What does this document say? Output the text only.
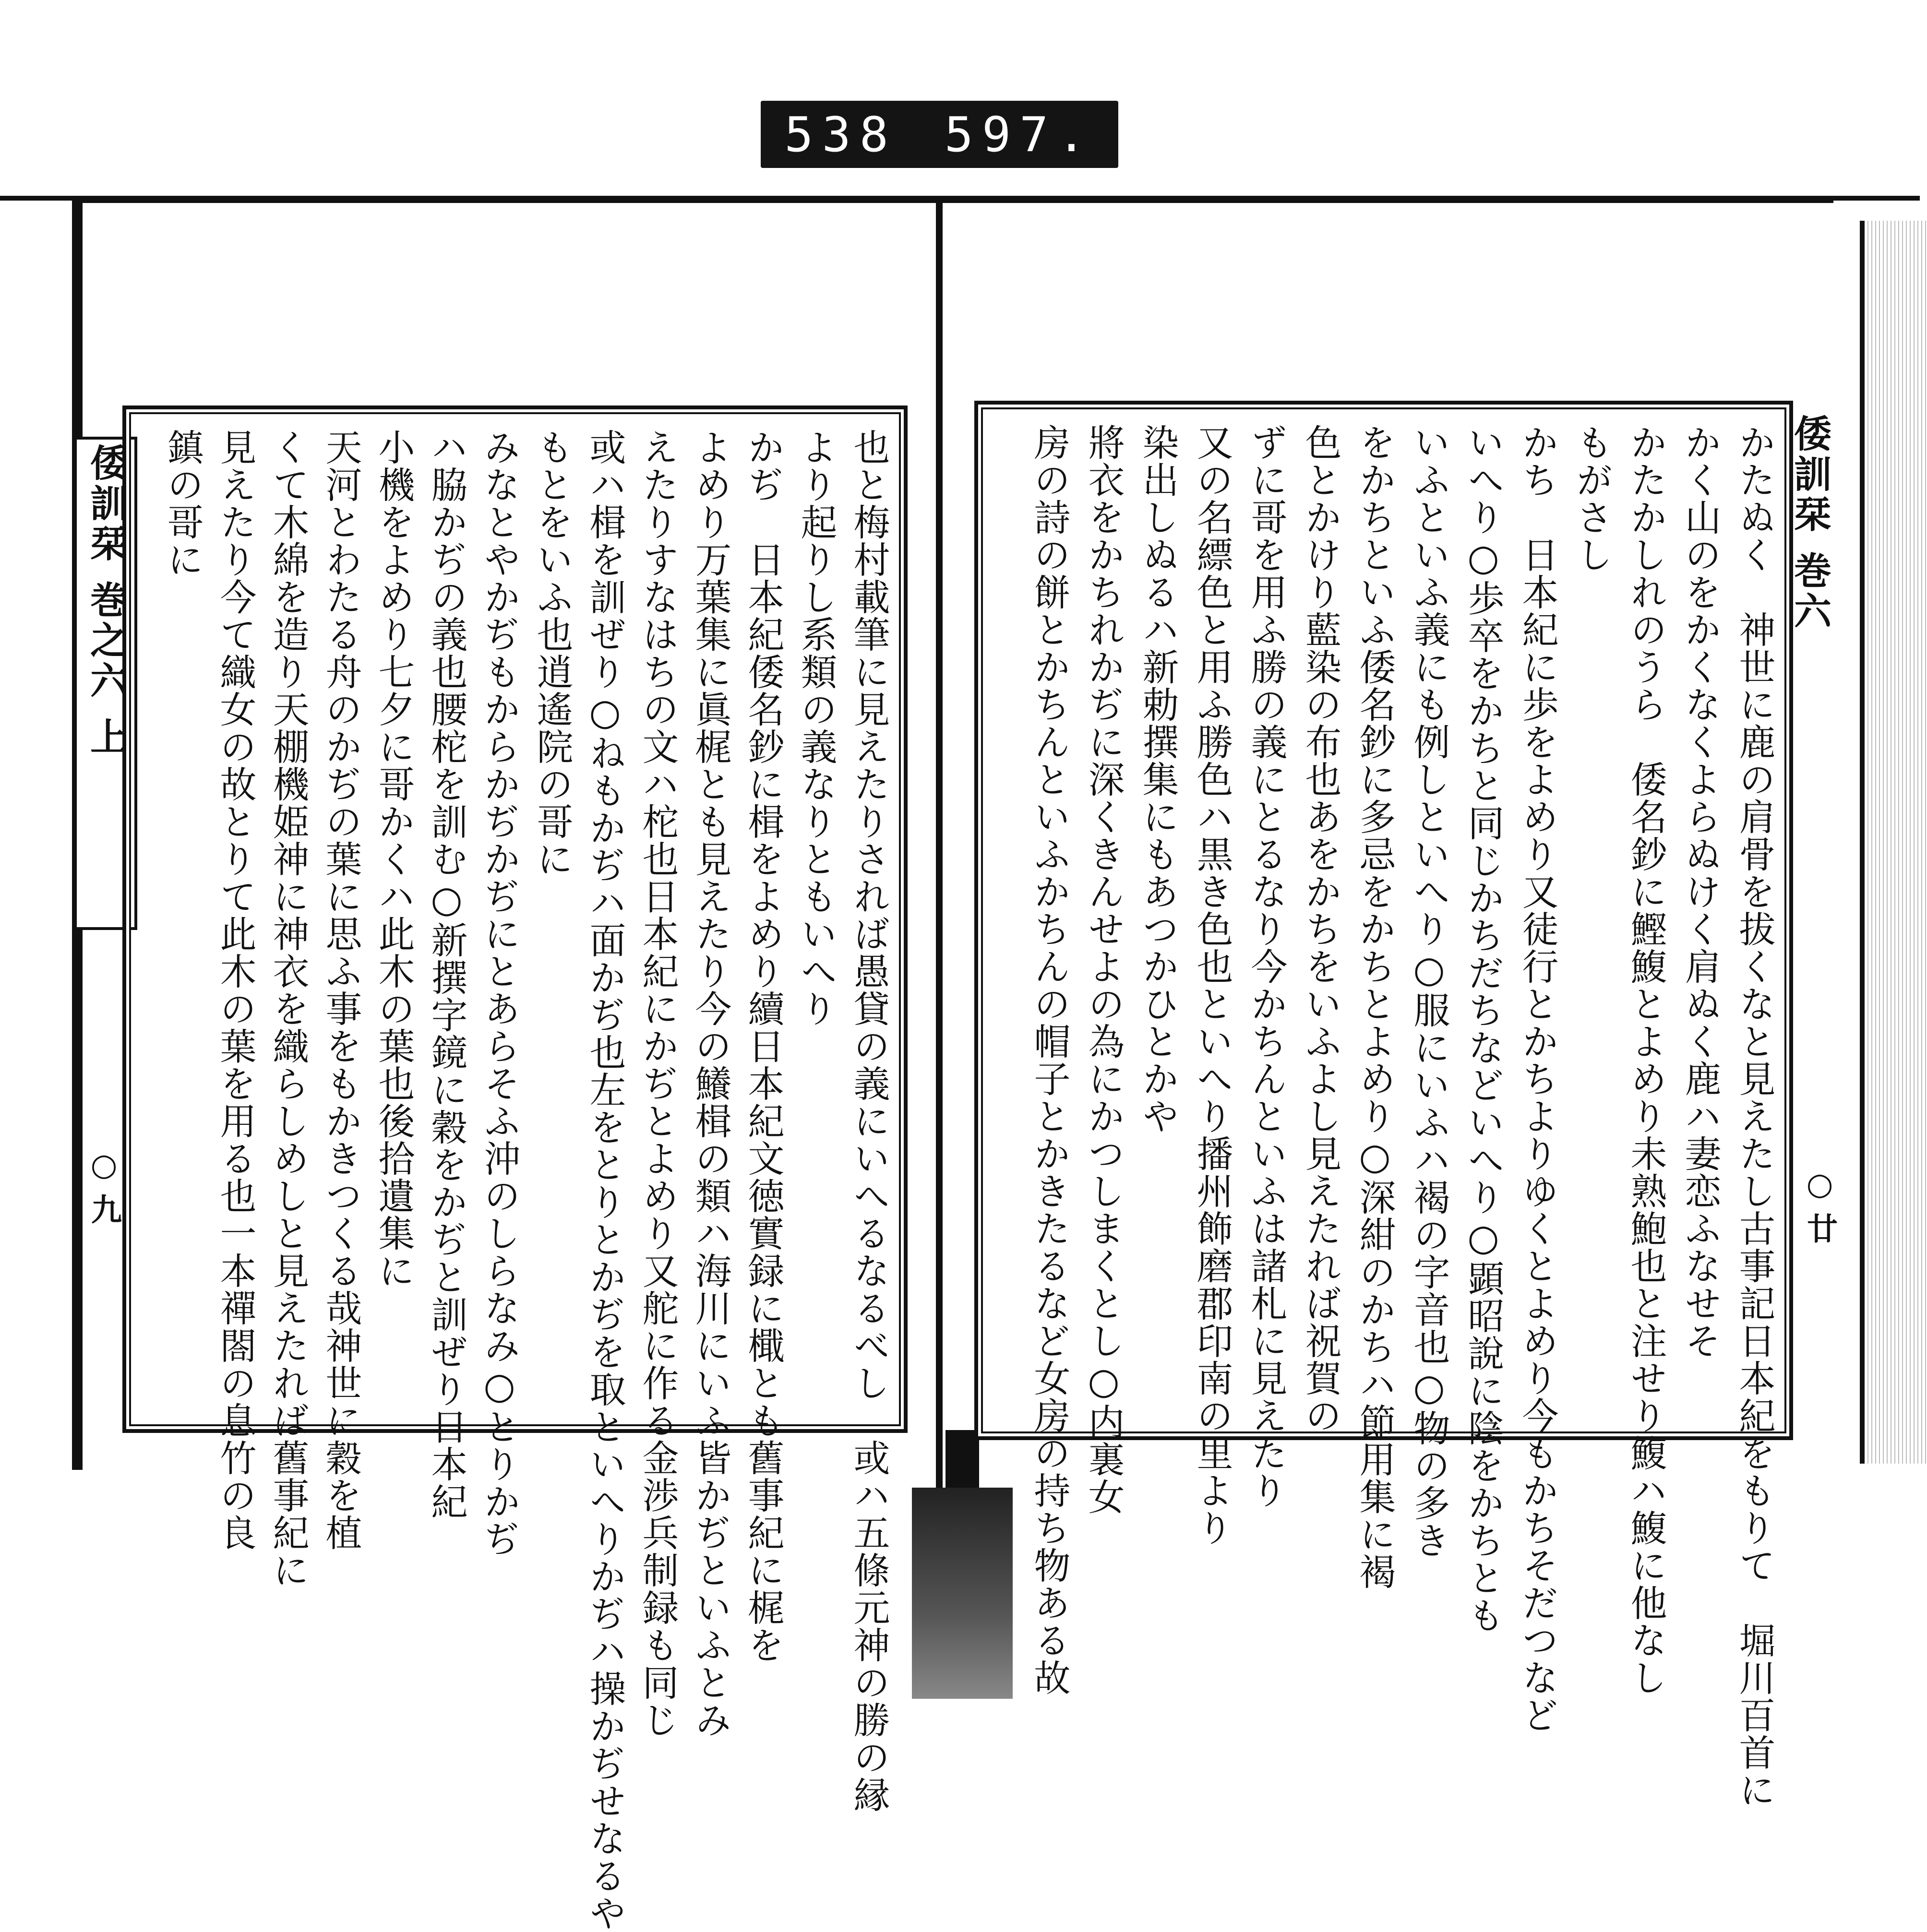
538 597.
倭訓栞 巻之六 上
○ 九	也と梅村載筆に見えたりされば愚貸の義にいへるなるべし　或ハ五條元神の勝の縁
より起りし系類の義なりともいへり
かぢ　日本紀倭名鈔に楫をよめり續日本紀文徳實録に檝とも舊事紀に梶を
よめり万葉集に眞梶とも見えたり今の鱶楫の類ハ海川にいふ皆かぢといふとみ
えたりすなはちの文ハ柁也日本紀にかぢとよめり又舵に作る金渉兵制録も同じ
或ハ楫を訓ぜり○ねもかぢハ面かぢ也左をとりとかぢを取といへりかぢハ操かぢせなるや
もとをいふ也逍遙院の哥に
みなとやかぢもからかぢかぢにとあらそふ沖のしらなみ○とりかぢ
ハ脇かぢの義也腰柁を訓む○新撰字鏡に穀をかぢと訓ぜり日本紀
小機をよめり七夕に哥かくハ此木の葉也後拾遺集に
天河とわたる舟のかぢの葉に思ふ事をもかきつくる哉神世に穀を植
くて木綿を造り天棚機姫神に神衣を織らしめしと見えたれば舊事紀に
見えたり今て織女の故とりて此木の葉を用る也一本禪閤の息竹の良
鎮の哥に	倭訓栞 巻六
○ 廿
かたぬく　神世に鹿の肩骨を拔くなと見えたし古事記日本紀をもりて　堀川百首に
かく山のをかくなくよらぬけく肩ぬく鹿ハ妻恋ふなせそ
かたかしれのうら　倭名鈔に鰹鰒とよめり未熟鮑也と注せり鰒ハ鰒に他なし
もがさし
かち　日本紀に歩をよめり又徒行とかちよりゆくとよめり今もかちそだつなど
いへり○歩卒をかちと同じかちだちなどいへり○顕昭說に陰をかちとも
いふといふ義にも例しといへり○服にいふハ褐の字音也○物の多き
をかちといふ倭名鈔に多忌をかちとよめり○深紺のかちハ節用集に褐
色とかけり藍染の布也あをかちをいふよし見えたれば祝賀の
ずに哥を用ふ勝の義にとるなり今かちんといふは諸札に見えたり
又の名縹色と用ふ勝色ハ黒き色也といへり播州飾磨郡印南の里より
染出しぬるハ新勅撰集にもあつかひとかや
將衣をかちれかぢに深くきんせよの為にかつしまくとし○内裏女
房の詩の餅とかちんといふかちんの帽子とかきたるなど女房の持ち物ある故
